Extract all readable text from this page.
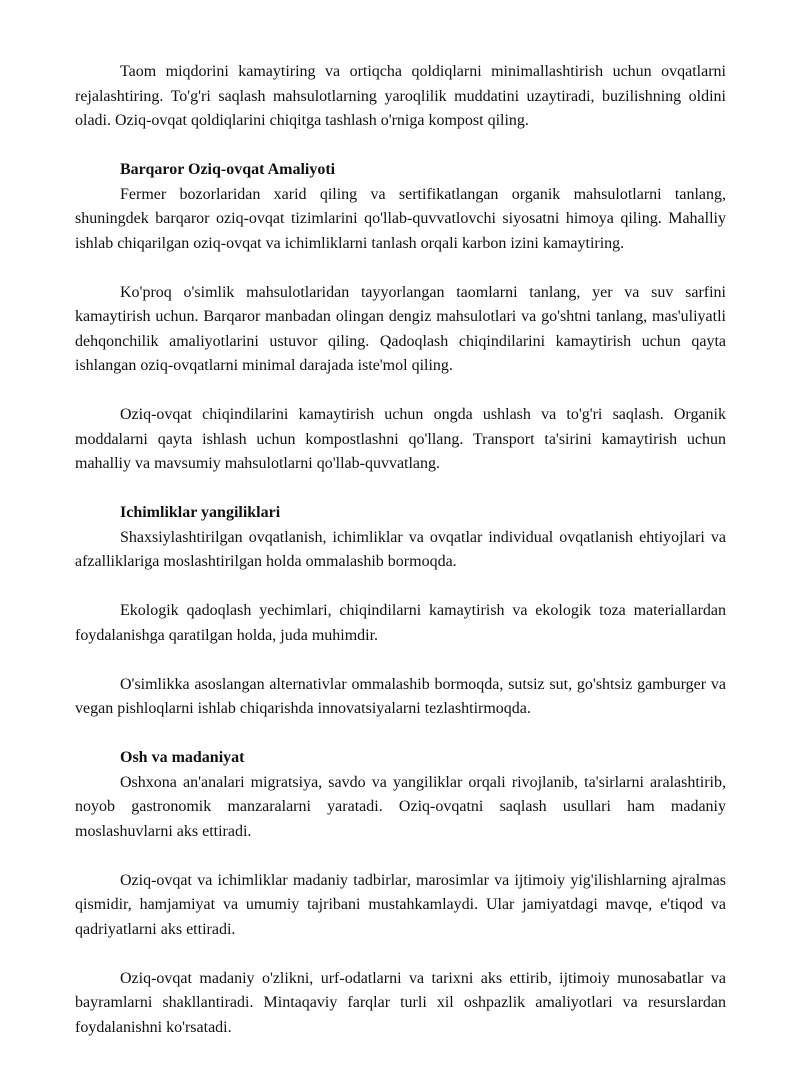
Taom miqdorini kamaytiring va ortiqcha qoldiqlarni minimallashtirish uchun ovqatlarni rejalashtiring. To'g'ri saqlash mahsulotlarning yaroqlilik muddatini uzaytiradi, buzilishning oldini oladi. Oziq-ovqat qoldiqlarini chiqitga tashlash o'rniga kompost qiling.

Barqaror Oziq-ovqat Amaliyoti

Fermer bozorlaridan xarid qiling va sertifikatlangan organik mahsulotlarni tanlang, shuningdek barqaror oziq-ovqat tizimlarini qo'llab-quvvatlovchi siyosatni himoya qiling. Mahalliy ishlab chiqarilgan oziq-ovqat va ichimliklarni tanlash orqali karbon izini kamaytiring.

Ko'proq o'simlik mahsulotlaridan tayyorlangan taomlarni tanlang, yer va suv sarfini kamaytirish uchun. Barqaror manbadan olingan dengiz mahsulotlari va go'shtni tanlang, mas'uliyatli dehqonchilik amaliyotlarini ustuvor qiling. Qadoqlash chiqindilarini kamaytirish uchun qayta ishlangan oziq-ovqatlarni minimal darajada iste'mol qiling.

Oziq-ovqat chiqindilarini kamaytirish uchun ongda ushlash va to'g'ri saqlash. Organik moddalarni qayta ishlash uchun kompostlashni qo'llang. Transport ta'sirini kamaytirish uchun mahalliy va mavsumiy mahsulotlarni qo'llab-quvvatlang.

Ichimliklar yangiliklari

Shaxsiylashtirilgan ovqatlanish, ichimliklar va ovqatlar individual ovqatlanish ehtiyojlari va afzalliklariga moslashtirilgan holda ommalashib bormoqda.

Ekologik qadoqlash yechimlari, chiqindilarni kamaytirish va ekologik toza materiallardan foydalanishga qaratilgan holda, juda muhimdir.

O'simlikka asoslangan alternativlar ommalashib bormoqda, sutsiz sut, go'shtsiz gamburger va vegan pishloqlarni ishlab chiqarishda innovatsiyalarni tezlashtirmoqda.

Osh va madaniyat

Oshxona an'analari migratsiya, savdo va yangiliklar orqali rivojlanib, ta'sirlarni aralashtirib, noyob gastronomik manzaralarni yaratadi. Oziq-ovqatni saqlash usullari ham madaniy moslashuvlarni aks ettiradi.

Oziq-ovqat va ichimliklar madaniy tadbirlar, marosimlar va ijtimoiy yig'ilishlarning ajralmas qismidir, hamjamiyat va umumiy tajribani mustahkamlaydi. Ular jamiyatdagi mavqe, e'tiqod va qadriyatlarni aks ettiradi.

Oziq-ovqat madaniy o'zlikni, urf-odatlarni va tarixni aks ettirib, ijtimoiy munosabatlar va bayramlarni shakllantiradi. Mintaqaviy farqlar turli xil oshpazlik amaliyotlari va resurslardan foydalanishni ko'rsatadi.
